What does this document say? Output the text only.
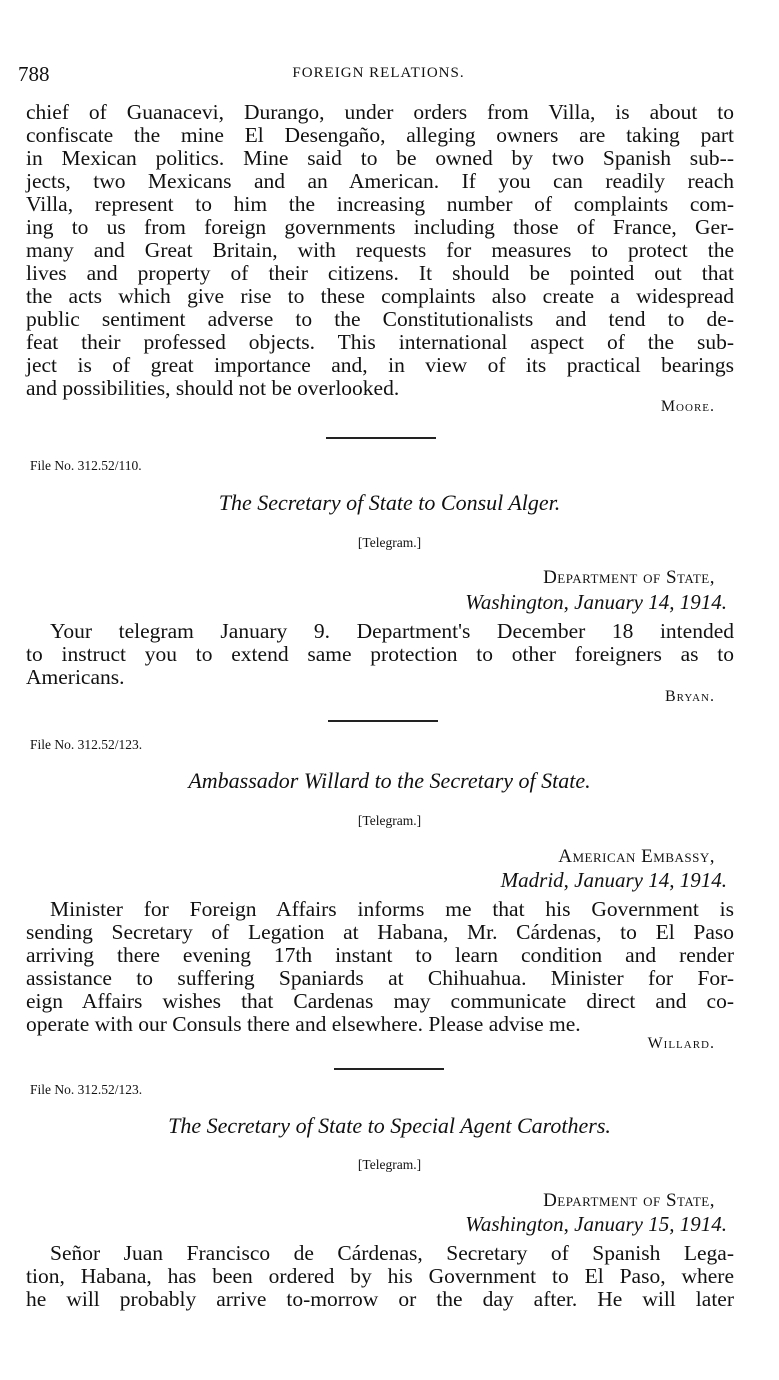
788	FOREIGN RELATIONS.
chief of Guanacevi, Durango, under orders from Villa, is about to
confiscate the mine El Desengaño, alleging owners are taking part
in Mexican politics. Mine said to be owned by two Spanish sub--
jects, two Mexicans and an American. If you can readily reach
Villa, represent to him the increasing number of complaints com-
ing to us from foreign governments including those of France, Ger-
many and Great Britain, with requests for measures to protect the
lives and property of their citizens. It should be pointed out that
the acts which give rise to these complaints also create a widespread
public sentiment adverse to the Constitutionalists and tend to de-
feat their professed objects. This international aspect of the sub-
ject is of great importance and, in view of its practical bearings
and possibilities, should not be overlooked.
Moore.
File No. 312.52/110.
The Secretary of State to Consul Alger.
[Telegram.]
Department of State,
Washington, January 14, 1914.
Your telegram January 9. Department's December 18 intended
to instruct you to extend same protection to other foreigners as to
Americans.
Bryan.
File No. 312.52/123.
Ambassador Willard to the Secretary of State.
[Telegram.]
American Embassy,
Madrid, January 14, 1914.
Minister for Foreign Affairs informs me that his Government is
sending Secretary of Legation at Habana, Mr. Cárdenas, to El Paso
arriving there evening 17th instant to learn condition and render
assistance to suffering Spaniards at Chihuahua. Minister for For-
eign Affairs wishes that Cardenas may communicate direct and co-
operate with our Consuls there and elsewhere. Please advise me.
Willard.
File No. 312.52/123.
The Secretary of State to Special Agent Carothers.
[Telegram.]
Department of State,
Washington, January 15, 1914.
Señor Juan Francisco de Cárdenas, Secretary of Spanish Lega-
tion, Habana, has been ordered by his Government to El Paso, where
he will probably arrive to-morrow or the day after. He will later
